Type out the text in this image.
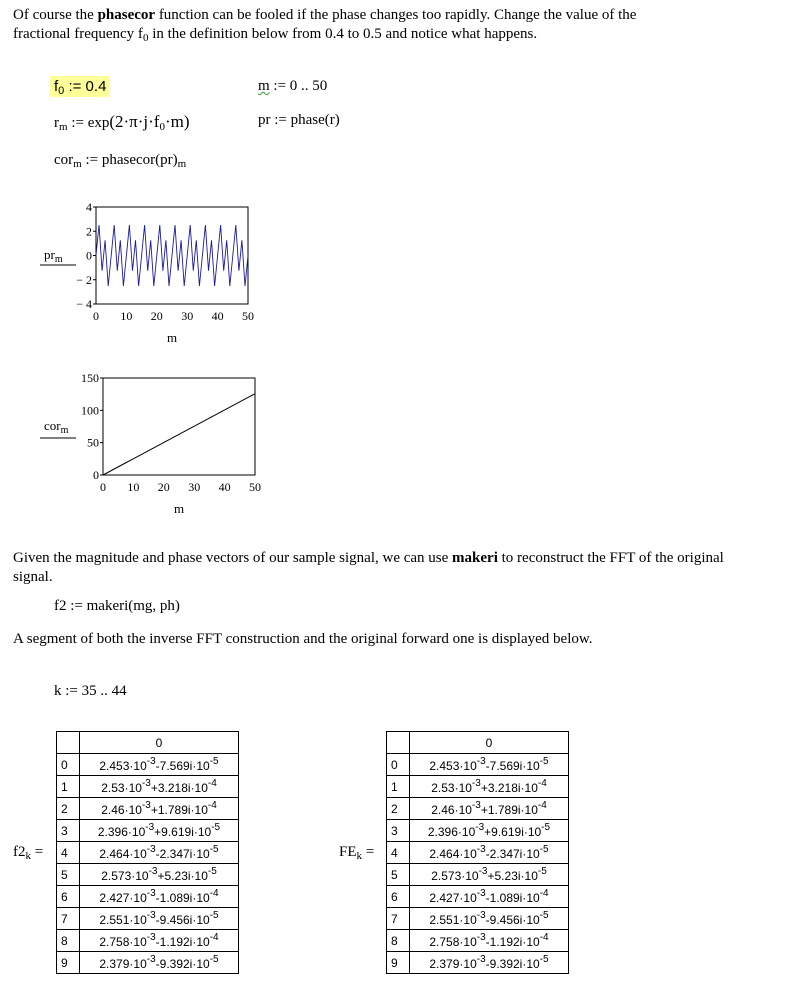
Of course the phasecor function can be fooled if the phase changes too rapidly. Change the value of the
fractional frequency $f_0$ in the definition below from 0.4 to 0.5 and notice what happens.
$f_0$ := 0.4	m := 0 .. 50
$r_m$ := $\exp(2\cdot\pi\cdot j\cdot f_0\cdot m)$	pr := phase(r)
cor$_m$ := $phasecor(pr)_m$
$pr_m$
4
2
0
− 2
− 4
0 10 20 30 40 50
m
cor$_m$
150
100
50
0
0 10 20 30 40 50
m
Given the magnitude and phase vectors of our sample signal, we can use makeri to reconstruct the FFT of the original
signal.
f2 := makeri(mg, ph)
A segment of both the inverse FFT construction and the original forward one is displayed below.
k := 35 .. 44
$f2_k$ =
	0
0	$2.453\cdot 10^{-3}-7.569i\cdot 10^{-5}$
1	$2.53\cdot 10^{-3}+3.218i\cdot 10^{-4}$
2	$2.46\cdot 10^{-3}+1.789i\cdot 10^{-4}$
3	$2.396\cdot 10^{-3}+9.619i\cdot 10^{-5}$
4	$2.464\cdot 10^{-3}-2.347i\cdot 10^{-5}$
5	$2.573\cdot 10^{-3}+5.23i\cdot 10^{-5}$
6	$2.427\cdot 10^{-3}-1.089i\cdot 10^{-4}$
7	$2.551\cdot 10^{-3}-9.456i\cdot 10^{-5}$
8	$2.758\cdot 10^{-3}-1.192i\cdot 10^{-4}$
9	$2.379\cdot 10^{-3}-9.392i\cdot 10^{-5}$
$FE_k$ =
	0
0	$2.453\cdot 10^{-3}-7.569i\cdot 10^{-5}$
1	$2.53\cdot 10^{-3}+3.218i\cdot 10^{-4}$
2	$2.46\cdot 10^{-3}+1.789i\cdot 10^{-4}$
3	$2.396\cdot 10^{-3}+9.619i\cdot 10^{-5}$
4	$2.464\cdot 10^{-3}-2.347i\cdot 10^{-5}$
5	$2.573\cdot 10^{-3}+5.23i\cdot 10^{-5}$
6	$2.427\cdot 10^{-3}-1.089i\cdot 10^{-4}$
7	$2.551\cdot 10^{-3}-9.456i\cdot 10^{-5}$
8	$2.758\cdot 10^{-3}-1.192i\cdot 10^{-4}$
9	$2.379\cdot 10^{-3}-9.392i\cdot 10^{-5}$
